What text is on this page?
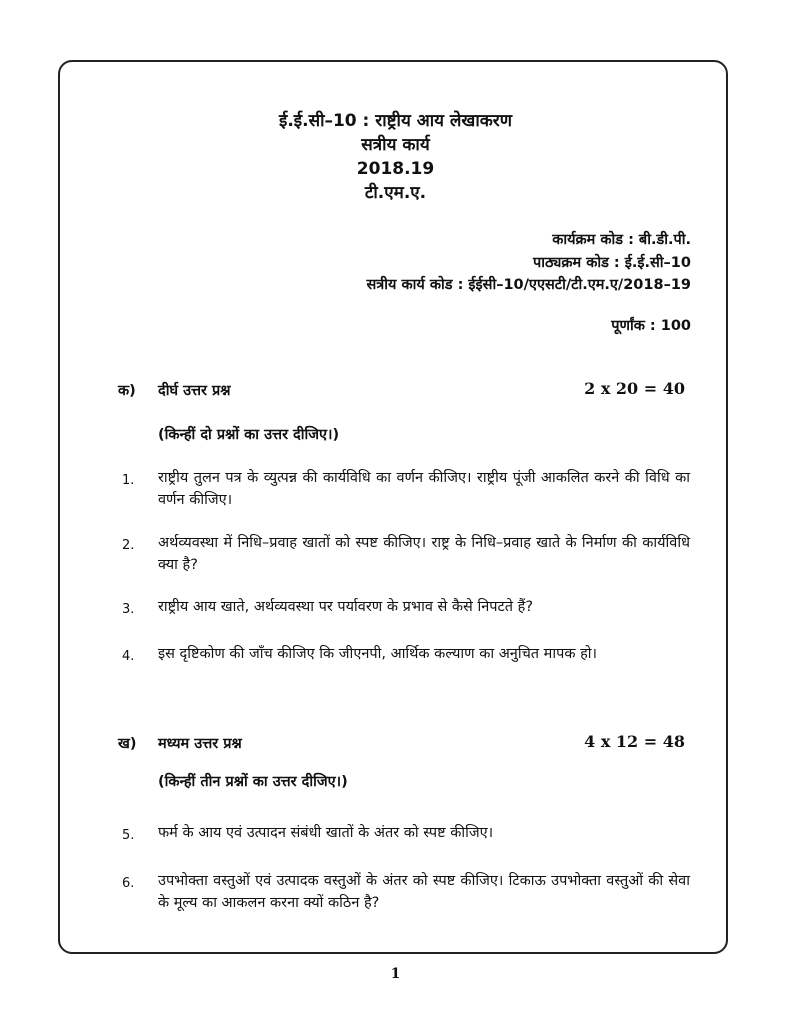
ई.ई.सी–10 : राष्ट्रीय आय लेखाकरण
सत्रीय कार्य
2018.19
टी.एम.ए.
कार्यक्रम कोड : बी.डी.पी.
पाठ्यक्रम कोड : ई.ई.सी–10
सत्रीय कार्य कोड : ईईसी–10/एएसटी/टी.एम.ए/2018–19
पूर्णांक : 100
क) दीर्घ उत्तर प्रश्न	2 x 20 = 40
(किन्हीं दो प्रश्नों का उत्तर दीजिए।)
1. राष्ट्रीय तुलन पत्र के व्युत्पन्न की कार्यविधि का वर्णन कीजिए। राष्ट्रीय पूंजी आकलित करने की विधि का वर्णन कीजिए।
2. अर्थव्यवस्था में निधि–प्रवाह खातों को स्पष्ट कीजिए। राष्ट्र के निधि–प्रवाह खाते के निर्माण की कार्यविधि क्या है?
3. राष्ट्रीय आय खाते, अर्थव्यवस्था पर पर्यावरण के प्रभाव से कैसे निपटते हैं?
4. इस दृष्टिकोण की जाँच कीजिए कि जीएनपी, आर्थिक कल्याण का अनुचित मापक हो।
ख) मध्यम उत्तर प्रश्न	4 x 12 = 48
(किन्हीं तीन प्रश्नों का उत्तर दीजिए।)
5. फर्म के आय एवं उत्पादन संबंधी खातों के अंतर को स्पष्ट कीजिए।
6. उपभोक्ता वस्तुओं एवं उत्पादक वस्तुओं के अंतर को स्पष्ट कीजिए। टिकाऊ उपभोक्ता वस्तुओं की सेवा के मूल्य का आकलन करना क्यों कठिन है?
1
